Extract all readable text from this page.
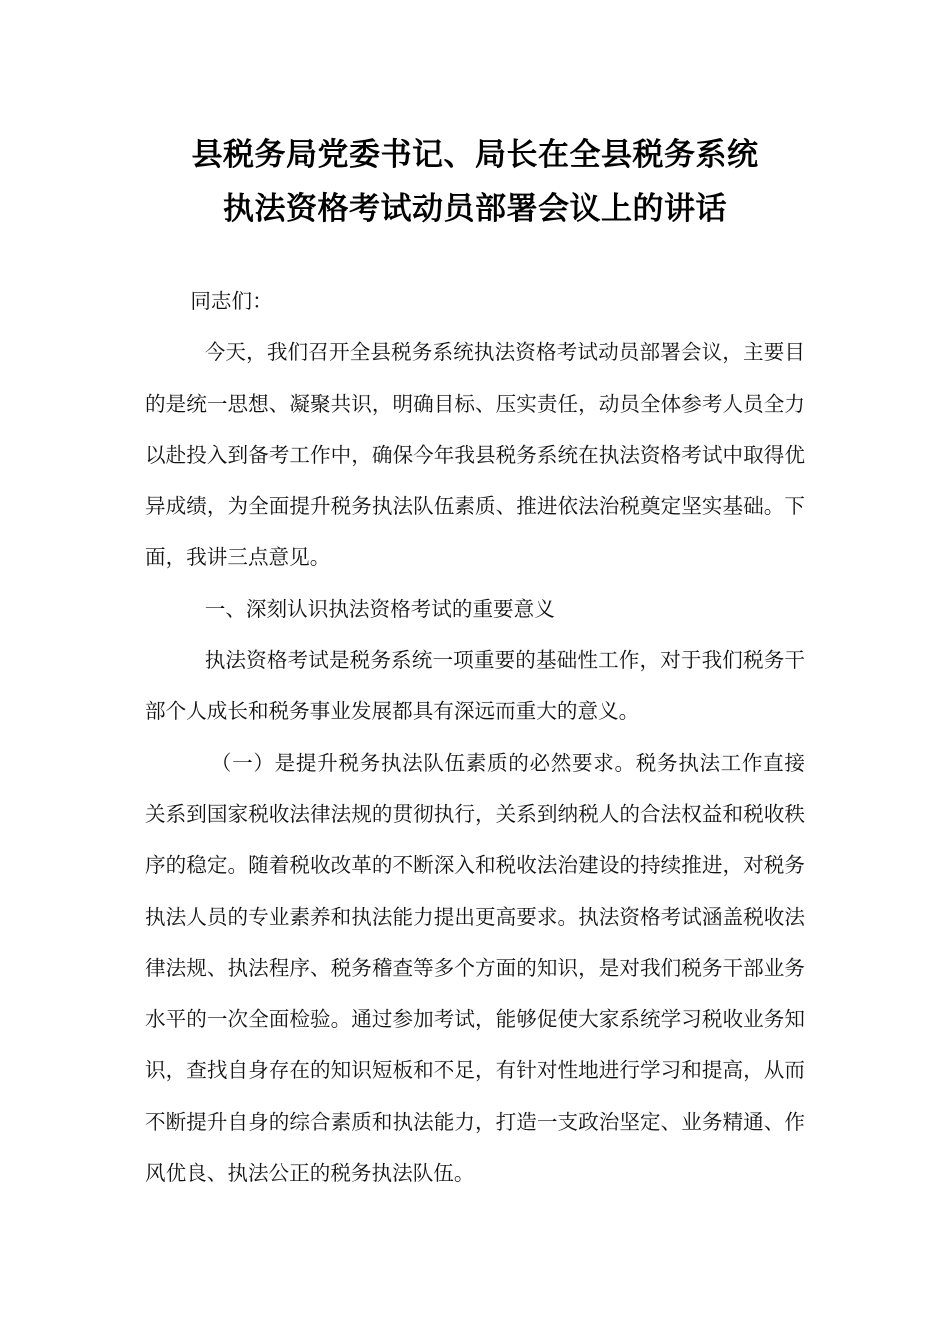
县税务局党委书记、局长在全县税务系统
执法资格考试动员部署会议上的讲话

同志们：

今天，我们召开全县税务系统执法资格考试动员部署会议，主要目的是统一思想、凝聚共识，明确目标、压实责任，动员全体参考人员全力以赴投入到备考工作中，确保今年我县税务系统在执法资格考试中取得优异成绩，为全面提升税务执法队伍素质、推进依法治税奠定坚实基础。下面，我讲三点意见。

一、深刻认识执法资格考试的重要意义

执法资格考试是税务系统一项重要的基础性工作，对于我们税务干部个人成长和税务事业发展都具有深远而重大的意义。

（一）是提升税务执法队伍素质的必然要求。税务执法工作直接关系到国家税收法律法规的贯彻执行，关系到纳税人的合法权益和税收秩序的稳定。随着税收改革的不断深入和税收法治建设的持续推进，对税务执法人员的专业素养和执法能力提出更高要求。执法资格考试涵盖税收法律法规、执法程序、税务稽查等多个方面的知识，是对我们税务干部业务水平的一次全面检验。通过参加考试，能够促使大家系统学习税收业务知识，查找自身存在的知识短板和不足，有针对性地进行学习和提高，从而不断提升自身的综合素质和执法能力，打造一支政治坚定、业务精通、作风优良、执法公正的税务执法队伍。
